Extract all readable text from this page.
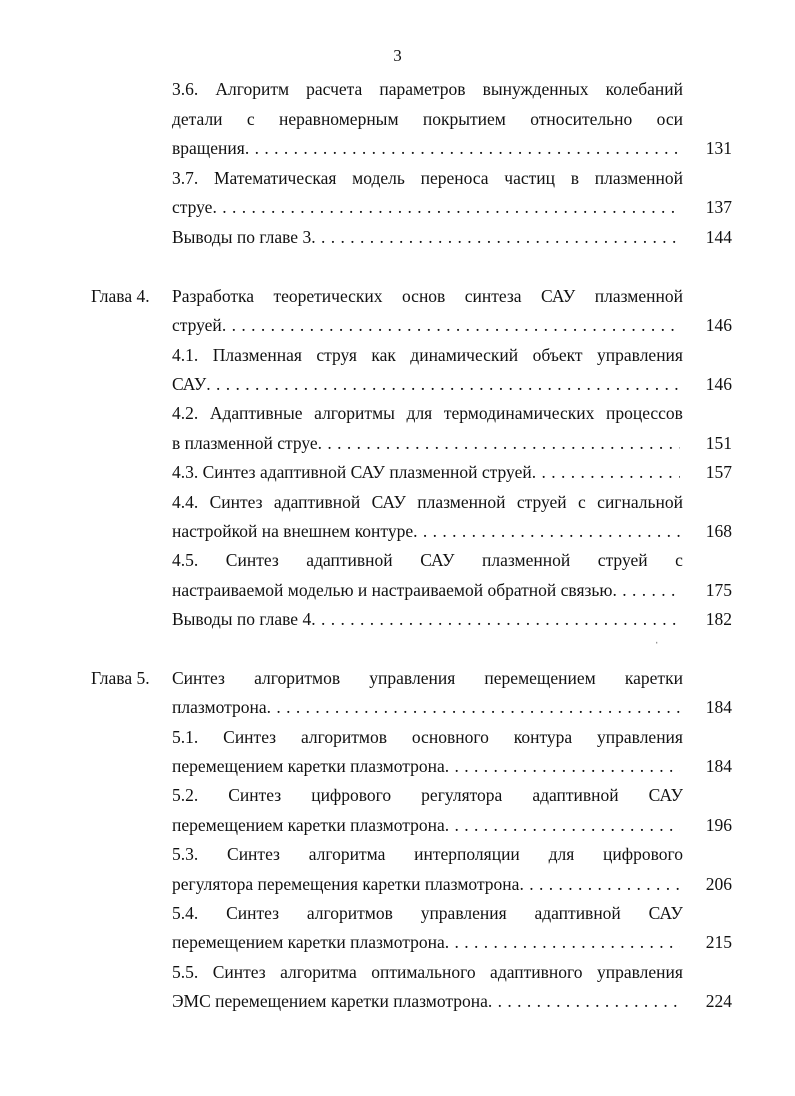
3
3.6. Алгоритм расчета параметров вынужденных колебаний
детали с неравномерным покрытием относительно оси
вращения . . .	131
3.7. Математическая модель переноса частиц в плазменной
струе . . .	137
Выводы по главе 3 . . .	144
Глава 4. Разработка теоретических основ синтеза САУ плазменной
струей . . .	146
4.1. Плазменная струя как динамический объект управления
САУ . . .	146
4.2. Адаптивные алгоритмы для термодинамических процессов
в плазменной струе . . .	151
4.3. Синтез адаптивной САУ плазменной струей . . .	157
4.4. Синтез адаптивной САУ плазменной струей с сигнальной
настройкой на внешнем контуре . . .	168
4.5. Синтез адаптивной САУ плазменной струей с
настраиваемой моделью и настраиваемой обратной связью . . .	175
Выводы по главе 4 . . .	182
ˌ
Глава 5. Синтез алгоритмов управления перемещением каретки
плазмотрона . . .	184
5.1. Синтез алгоритмов основного контура управления
перемещением каретки плазмотрона . . .	184
5.2. Синтез цифрового регулятора адаптивной САУ
перемещением каретки плазмотрона . . .	196
5.3. Синтез алгоритма интерполяции для цифрового
регулятора перемещения каретки плазмотрона . . .	206
5.4. Синтез алгоритмов управления адаптивной САУ
перемещением каретки плазмотрона . . .	215
5.5. Синтез алгоритма оптимального адаптивного управления
ЭМС перемещением каретки плазмотрона . . .	224
